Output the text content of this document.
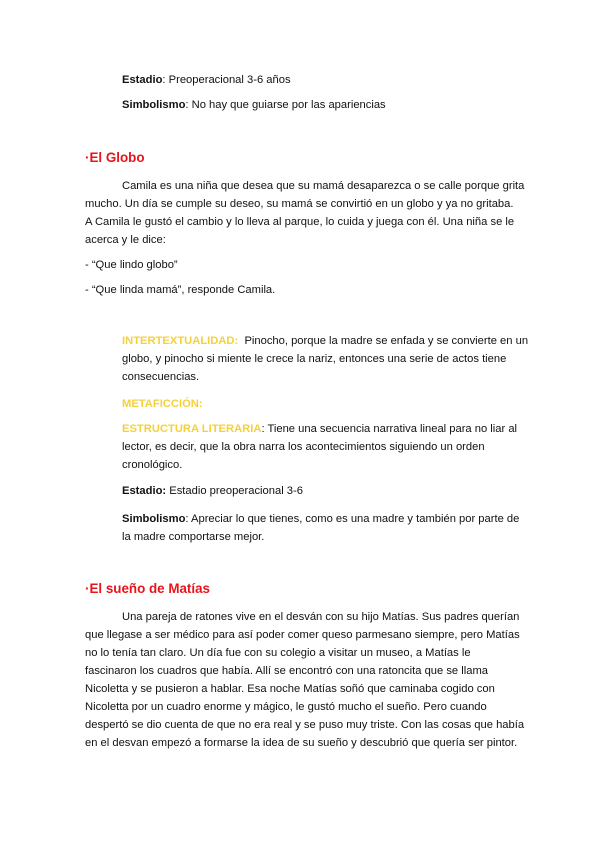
Estadio: Preoperacional 3-6 años
Simbolismo: No hay que guiarse por las apariencias
·El Globo
Camila es una niña que desea que su mamá desaparezca o se calle porque grita
mucho. Un día se cumple su deseo, su mamá se convirtió en un globo y ya no gritaba.
A Camila le gustó el cambio y lo lleva al parque, lo cuida y juega con él. Una niña se le
acerca y le dice:
- “Que lindo globo”
- “Que linda mamá”, responde Camila.
INTERTEXTUALIDAD: Pinocho, porque la madre se enfada y se convierte en un
globo, y pinocho si miente le crece la nariz, entonces una serie de actos tiene
consecuencias.
METAFICCIÓN:
ESTRUCTURA LITERARIA: Tiene una secuencia narrativa lineal para no liar al
lector, es decir, que la obra narra los acontecimientos siguiendo un orden
cronológico.
Estadio: Estadio preoperacional 3-6
Simbolismo: Apreciar lo que tienes, como es una madre y también por parte de
la madre comportarse mejor.
·El sueño de Matías
Una pareja de ratones vive en el desván con su hijo Matías. Sus padres querían
que llegase a ser médico para así poder comer queso parmesano siempre, pero Matías
no lo tenía tan claro. Un día fue con su colegio a visitar un museo, a Matías le
fascinaron los cuadros que había. Allí se encontró con una ratoncita que se llama
Nicoletta y se pusieron a hablar. Esa noche Matías soñó que caminaba cogido con
Nicoletta por un cuadro enorme y mágico, le gustó mucho el sueño. Pero cuando
despertó se dio cuenta de que no era real y se puso muy triste. Con las cosas que había
en el desvan empezó a formarse la idea de su sueño y descubrió que quería ser pintor.
